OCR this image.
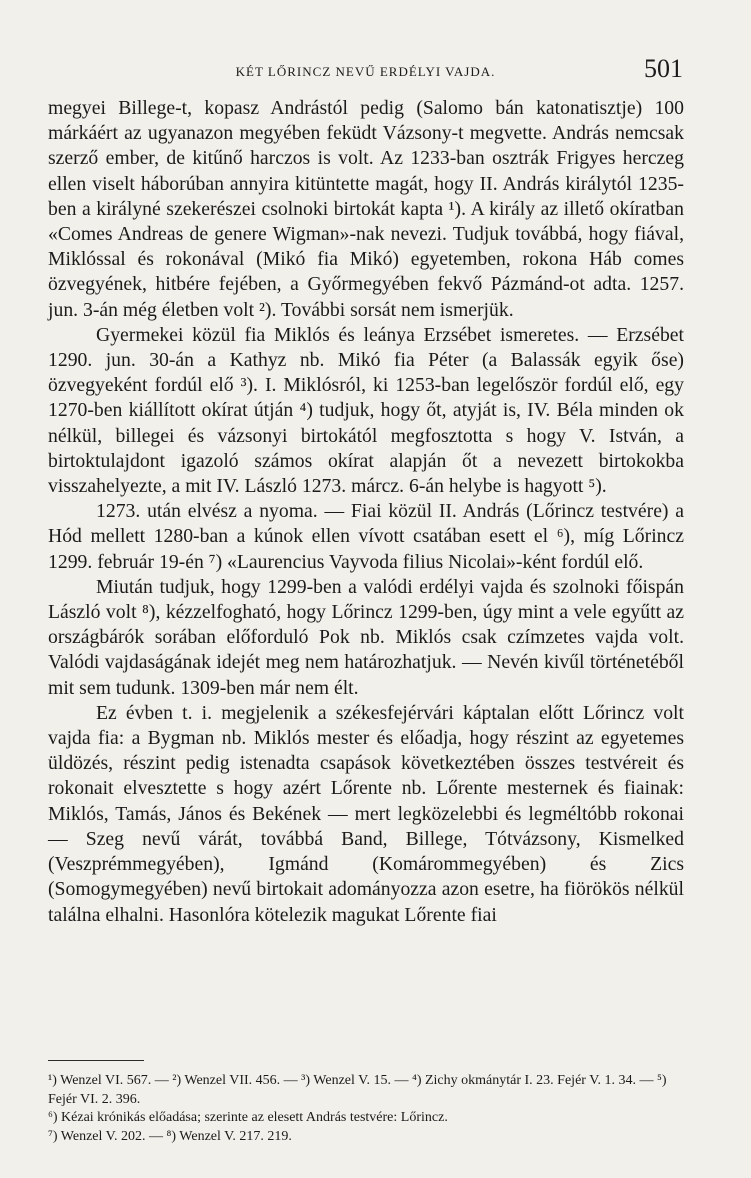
KÉT LŐRINCZ NEVŰ ERDÉLYI VAJDA.	501

megyei Billege-t, kopasz Andrástól pedig (Salomo bán katonatisztje) 100 márkáért az ugyanazon megyében feküdt Vázsony-t megvette. András nemcsak szerző ember, de kitűnő harczos is volt. Az 1233-ban osztrák Frigyes herczeg ellen viselt háborúban annyira kitüntette magát, hogy II. András királytól 1235-ben a királyné szekerészei csolnoki birtokát kapta ¹). A király az illető okíratban «Comes Andreas de genere Wigman»-nak nevezi. Tudjuk továbbá, hogy fiával, Miklóssal és rokonával (Mikó fia Mikó) egyetemben, rokona Háb comes özvegyének, hitbére fejében, a Győrmegyében fekvő Pázmánd-ot adta. 1257. jun. 3-án még életben volt ²). További sorsát nem ismerjük.

Gyermekei közül fia Miklós és leánya Erzsébet ismeretes. — Erzsébet 1290. jun. 30-án a Kathyz nb. Mikó fia Péter (a Balassák egyik őse) özvegyeként fordúl elő ³). I. Miklósról, ki 1253-ban legelőször fordúl elő, egy 1270-ben kiállított okírat útján ⁴) tudjuk, hogy őt, atyját is, IV. Béla minden ok nélkül, billegei és vázsonyi birtokától megfosztotta s hogy V. István, a birtoktulajdont igazoló számos okírat alapján őt a nevezett birtokokba visszahelyezte, a mit IV. László 1273. márcz. 6-án helybe is hagyott ⁵).

1273. után elvész a nyoma. — Fiai közül II. András (Lőrincz testvére) a Hód mellett 1280-ban a kúnok ellen vívott csatában esett el ⁶), míg Lőrincz 1299. február 19-én ⁷) «Laurencius Vayvoda filius Nicolai»-ként fordúl elő.

Miután tudjuk, hogy 1299-ben a valódi erdélyi vajda és szolnoki főispán László volt ⁸), kézzelfogható, hogy Lőrincz 1299-ben, úgy mint a vele egyűtt az országbárók sorában előforduló Pok nb. Miklós csak czímzetes vajda volt. Valódi vajdaságának idejét meg nem határozhatjuk. — Nevén kivűl történetéből mit sem tudunk. 1309-ben már nem élt.

Ez évben t. i. megjelenik a székesfejérvári káptalan előtt Lőrincz volt vajda fia: a Bygman nb. Miklós mester és előadja, hogy részint az egyetemes üldözés, részint pedig istenadta csapások következtében összes testvéreit és rokonait elvesztette s hogy azért Lőrente nb. Lőrente mesternek és fiainak: Miklós, Tamás, János és Bekének — mert legközelebbi és legméltóbb rokonai — Szeg nevű várát, továbbá Band, Billege, Tótvázsony, Kismelked (Veszprémmegyében), Igmánd (Komárommegyében) és Zics (Somogymegyében) nevű birtokait adományozza azon esetre, ha fiörökös nélkül találna elhalni. Hasonlóra kötelezik magukat Lőrente fiai

¹) Wenzel VI. 567. — ²) Wenzel VII. 456. — ³) Wenzel V. 15. — ⁴) Zichy okmánytár I. 23. Fejér V. 1. 34. — ⁵) Fejér VI. 2. 396.
⁶) Kézai krónikás előadása; szerinte az elesett András testvére: Lőrincz.
⁷) Wenzel V. 202. — ⁸) Wenzel V. 217. 219.
